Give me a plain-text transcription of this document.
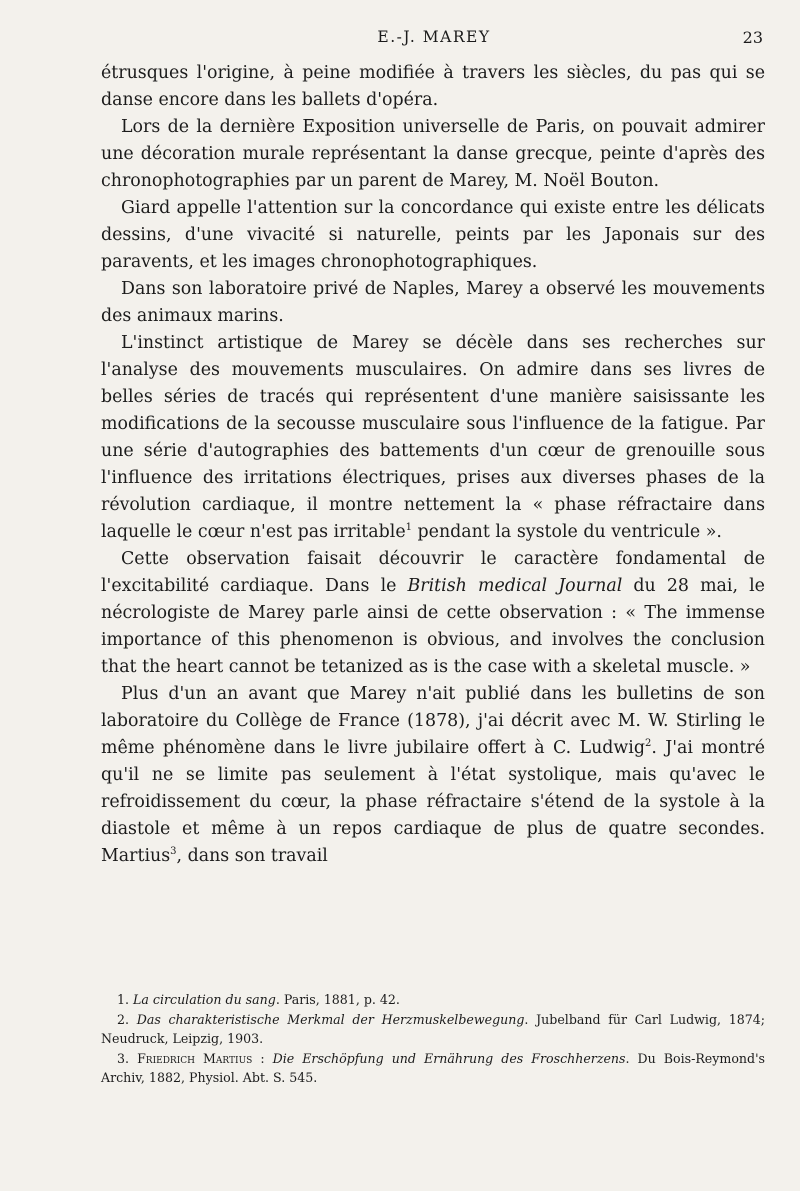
E.-J. MAREY	23

étrusques l'origine, à peine modifiée à travers les siècles, du pas qui se danse encore dans les ballets d'opéra.

Lors de la dernière Exposition universelle de Paris, on pouvait admirer une décoration murale représentant la danse grecque, peinte d'après des chronophotographies par un parent de Marey, M. Noël Bouton.

Giard appelle l'attention sur la concordance qui existe entre les délicats dessins, d'une vivacité si naturelle, peints par les Japonais sur des paravents, et les images chronophotographiques.

Dans son laboratoire privé de Naples, Marey a observé les mouvements des animaux marins.

L'instinct artistique de Marey se décèle dans ses recherches sur l'analyse des mouvements musculaires. On admire dans ses livres de belles séries de tracés qui représentent d'une manière saisissante les modifications de la secousse musculaire sous l'influence de la fatigue. Par une série d'autographies des battements d'un cœur de grenouille sous l'influence des irritations électriques, prises aux diverses phases de la révolution cardiaque, il montre nettement la « phase réfractaire dans laquelle le cœur n'est pas irritable$^1$ pendant la systole du ventricule ».

Cette observation faisait découvrir le caractère fondamental de l'excitabilité cardiaque. Dans le British medical Journal du 28 mai, le nécrologiste de Marey parle ainsi de cette observation : « The immense importance of this phenomenon is obvious, and involves the conclusion that the heart cannot be tetanized as is the case with a skeletal muscle. »

Plus d'un an avant que Marey n'ait publié dans les bulletins de son laboratoire du Collège de France (1878), j'ai décrit avec M. W. Stirling le même phénomène dans le livre jubilaire offert à C. Ludwig$^2$. J'ai montré qu'il ne se limite pas seulement à l'état systolique, mais qu'avec le refroidissement du cœur, la phase réfractaire s'étend de la systole à la diastole et même à un repos cardiaque de plus de quatre secondes. Martius$^3$, dans son travail

1. La circulation du sang. Paris, 1881, p. 42.

2. Das charakteristische Merkmal der Herzmuskelbewegung. Jubelband für Carl Ludwig, 1874; Neudruck, Leipzig, 1903.

3. Friedrich Martius : Die Erschöpfung und Ernährung des Froschherzens. Du Bois-Reymond's Archiv, 1882, Physiol. Abt. S. 545.
